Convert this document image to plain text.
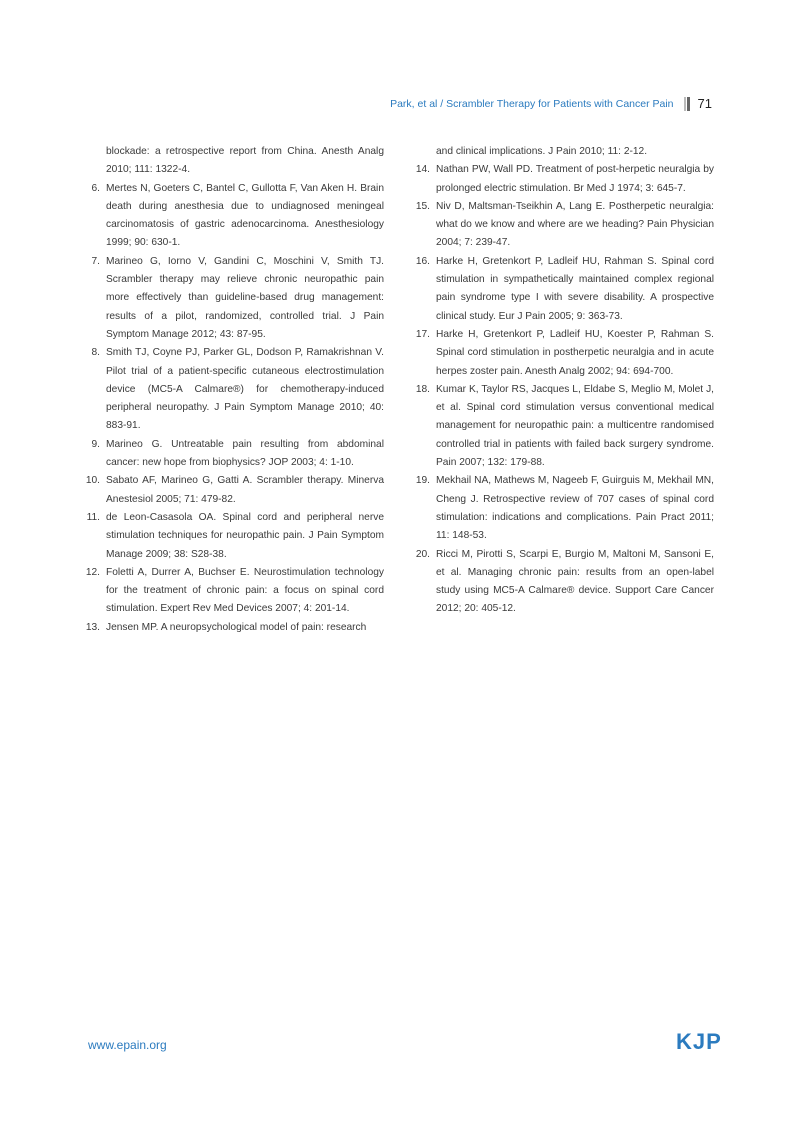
Park, et al / Scrambler Therapy for Patients with Cancer Pain 71
blockade: a retrospective report from China. Anesth Analg 2010; 111: 1322-4.
6. Mertes N, Goeters C, Bantel C, Gullotta F, Van Aken H. Brain death during anesthesia due to undiagnosed meningeal carcinomatosis of gastric adenocarcinoma. Anesthesiology 1999; 90: 630-1.
7. Marineo G, Iorno V, Gandini C, Moschini V, Smith TJ. Scrambler therapy may relieve chronic neuropathic pain more effectively than guideline-based drug management: results of a pilot, randomized, controlled trial. J Pain Symptom Manage 2012; 43: 87-95.
8. Smith TJ, Coyne PJ, Parker GL, Dodson P, Ramakrishnan V. Pilot trial of a patient-specific cutaneous electrostimulation device (MC5-A Calmare®) for chemotherapy-induced peripheral neuropathy. J Pain Symptom Manage 2010; 40: 883-91.
9. Marineo G. Untreatable pain resulting from abdominal cancer: new hope from biophysics? JOP 2003; 4: 1-10.
10. Sabato AF, Marineo G, Gatti A. Scrambler therapy. Minerva Anestesiol 2005; 71: 479-82.
11. de Leon-Casasola OA. Spinal cord and peripheral nerve stimulation techniques for neuropathic pain. J Pain Symptom Manage 2009; 38: S28-38.
12. Foletti A, Durrer A, Buchser E. Neurostimulation technology for the treatment of chronic pain: a focus on spinal cord stimulation. Expert Rev Med Devices 2007; 4: 201-14.
13. Jensen MP. A neuropsychological model of pain: research
and clinical implications. J Pain 2010; 11: 2-12.
14. Nathan PW, Wall PD. Treatment of post-herpetic neuralgia by prolonged electric stimulation. Br Med J 1974; 3: 645-7.
15. Niv D, Maltsman-Tseikhin A, Lang E. Postherpetic neuralgia: what do we know and where are we heading? Pain Physician 2004; 7: 239-47.
16. Harke H, Gretenkort P, Ladleif HU, Rahman S. Spinal cord stimulation in sympathetically maintained complex regional pain syndrome type I with severe disability. A prospective clinical study. Eur J Pain 2005; 9: 363-73.
17. Harke H, Gretenkort P, Ladleif HU, Koester P, Rahman S. Spinal cord stimulation in postherpetic neuralgia and in acute herpes zoster pain. Anesth Analg 2002; 94: 694-700.
18. Kumar K, Taylor RS, Jacques L, Eldabe S, Meglio M, Molet J, et al. Spinal cord stimulation versus conventional medical management for neuropathic pain: a multicentre randomised controlled trial in patients with failed back surgery syndrome. Pain 2007; 132: 179-88.
19. Mekhail NA, Mathews M, Nageeb F, Guirguis M, Mekhail MN, Cheng J. Retrospective review of 707 cases of spinal cord stimulation: indications and complications. Pain Pract 2011; 11: 148-53.
20. Ricci M, Pirotti S, Scarpi E, Burgio M, Maltoni M, Sansoni E, et al. Managing chronic pain: results from an open-label study using MC5-A Calmare® device. Support Care Cancer 2012; 20: 405-12.
www.epain.org	KJP
